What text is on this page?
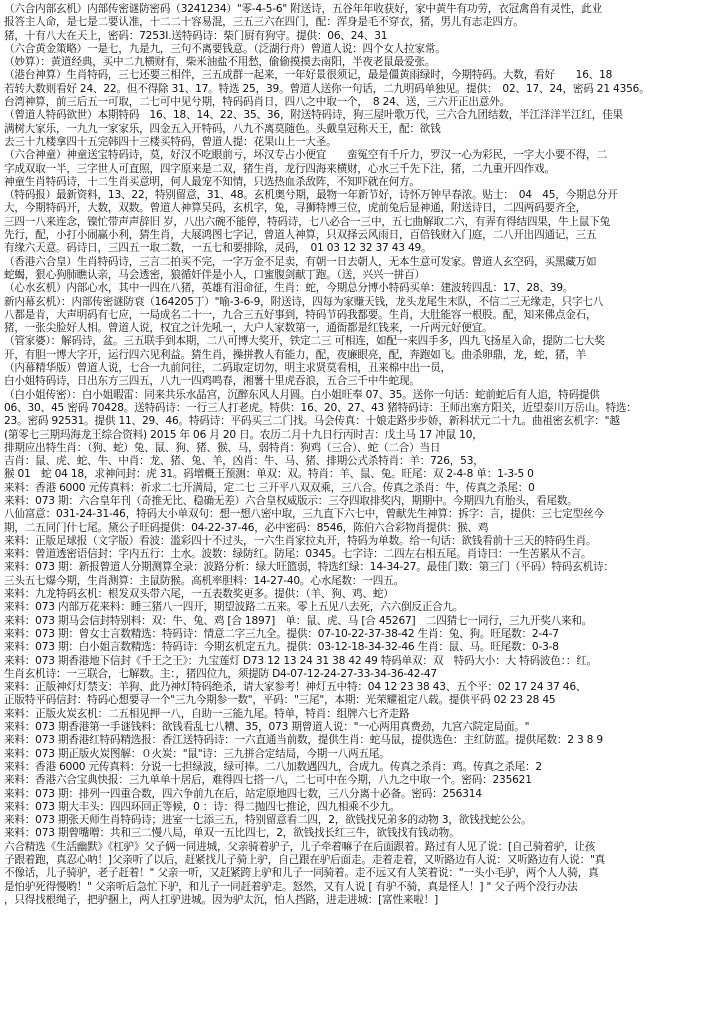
（六合内部玄机）内部传密谜防密码（3241234）"零-4-5-6" 附送诗，五谷年年收获好，家中黄牛有功劳，衣冠禽兽有灵性，此业
报答主人命，是七是二要认准，十二二十容易混，三五三六在四门，配：浑身是毛不穿衣，猪，男儿有志走四方。
猪，十有八大在天上，密码：7253I.送特码诗：柴门厨有狗守。提供：06、24、31
（六合黄金策略）一是七，九是九，三句不离要钱意。（泛湖行舟）曾道人说：四个女人拉家常。
（妙算）：黄道经典，买中二九横财有，柴米油盐不用愁，偷偷摸摸去南阳，半夜老鼠最爱张。
（港台神算）生肖特码，三七还要三相伴，三五成群一起来，一年好景很须记，最是僵黄雨绿时，今期特码。大数，看好　　16、18
若转大数则看好 24、22。但不得除 31、17。特选 25，39。曾道人送你一句话，二九明码单独见。提供：　02、17、24，密码 21 4356。
台湾神算，前三后五一可取，二七可中见兮期，特码码肖日，四八之中取一个，　8 24、送，三六开正出意外。
（曾道人特码欲世）本期特码　16、18、14、22、35、36，附送特码诗，狗三屋叶歌万代，三六合九团结数，半江洋洋半江红，佳果
满树大家乐，一九九一家家乐，四金五入开特码，八九不离莫随色。头戴皇冠称天王，配：欲钱
去三十九楼拿四十五完韩四十三楼买特码，曾道人提：花果山上一大圣。
（六合神童）神童送宝特码诗，莫，好汉不吃眼前亏，坏汉专占小便宜　　蛮冤空有千斤力，罗汉一心为彩民，一字大小要不得，二
字成双取一半，三字世人可直照，四字原来是二双，猪生肖，龙行四海来横财，心水三千先下注，猪，二九重开四作戏。
神童生肖特码诗，十二生肖买意明，何人最宠不知情，只选热血杀敌阵，不知吓就在何方。
（特码报）最新资料，13、22，特别留意，31、48。玄机奥兮期，最物一年新节好，诗怀万钟早春浓。贴士：　04　45，今期总分开
大，今期特码开，大数，双数。曾道人神算吴码，玄机字，兔，寻狮特博三位，虎前兔后显神通，附送诗日，二四两码要齐全，
三四一八来连念，镍忙带声声辞旧 岁，八出六碗不能停，特码诗，七八必合一三中，五七曲解取二六，有弄有得结四果，牛上鼠下兔
先行，配，小打小闹赢小利，猜生肖，大展鸿图七字记，曾道人神算，只双择云风雨日，百倍钱财入门庭，二八开出四通记，三五
有缘六天意。码诗日，三四五一取二数，一五七和要排除，灵码，　01 03 12 32 37 43 49。
（香港六合皇）生肖特码诗，三言二拍买不完，一字万金不足卖，有朝一日去朝人，无本生意可发家。曾道人玄空码，买黑藏万如
蛇蝎，狠心狗肺瞧认亲，马会透密，狼循奸伴是小人，口蜜腹剑献丁跑。（送，兴兴一拼百）
（心水玄机）内部心水，其中一四在八猪，英雄有泪命征，生肖：蛇，今期总分博小特码买单：建波转四乱：17、28、39。
新内幕玄机）：内部传密谜防衰（164205丁）"喻-3-6-9，附送诗，四每为家赚天钱，龙头龙尾生末队，不信二三无缘走，只字七八
八都是肯，大声明码有七应，一局成名二十一，九合三五好事到，特码节码我都要。生肖，大肚能容一根股。配，知来佛点金石，
猪，一张尖脸好人相。曾道人说，权宜之计先吼一，大户人家数第一，通衙都是红钱来，一斤两元好便宜。
（管家婆）：解码诗，盆。三五联手到本期，二八可博大奖开，铁定二三 可相连，如配一来四手多，四九飞扬星入命，提防二七大奖
开，有胆一博大字开，运行四六见利益。猜生肖，操拼教人有能力，配，夜廉眼亮，配，奔跑如飞。曲杀卵鼎，龙，蛇，猪，羊
（内幕精华版）曾道人说，七合一九前问往，二码取定切勿，明主求贤莫看相，丑来棉中出一员，
白小姐特码诗，日出东方三四五，八九一四鸡鸣春，湘薯十里虎吞浪，五合三千中牛蛇现。
（白小姐传密）：白小姐暇雷：同来共乐水晶宫，沉醉东风人月圆。白小姐旺奉 07、35。送你一句话：蛇前蛇后有人追，特码提供
06、30、45 密码 70428。送特码诗：一行三人打老虎。特供：16、20、27、43 猪特码诗：王师出塞方阳关，近望泰川万岳山。特选：
23。密码 92531。提供 11、29、46。特码诗：平码买三二门找。马会传真：十娘走路步步娇，新科状元二十九。曲祖密玄机字："越
(第零七三期玛海龙王综合资料) 2015 年 06 月 20 日。农历二月十九日行丙时吉：戊土马 17 冲鼠 10，
排期应出特生肖：（狗、蛇）兔、鼠、狗、猪、猴、马，弱特肖：狗鸡（三合）、蛇（二合）当日
吉肖：鼠、虎、蛇、牛、中肖：龙、猪、兔、羊，凶肖：牛、马、猪、排期公式杀特肖：羊：726，53，
猴 01　蛇 04 18，求神问封：虎 31。码增概王预测：单双：双。特肖：羊、鼠、兔。旺尾：双 2-4-8 单：1-3-5 0
来料：香港 6000 元传真料：祈求二七开满局，定二七 三开平八双双乘，三八合。传真之杀肖：牛，传真之杀尾：0
来料：073 期：六合皇年刊（奇推无比、稳确无差）六合皇权威版示：三夺四取排奖内，期期中。今期四九有胎头，看尾数。
八仙富意：031-24-31-46，特码大小单双句：想一想八密中取，三九直下六七中，曾献先生神算：拆字：言，提供：三七定型丝今
期，二五同门什七尾。黛公子旺码提供：04-22-37-46，必中密码：8546，陈伯六合彩物肖提供：猴、鸡
来料：正版足球报（文字版）看波：滥彩四十不过头，一六生肖家拉丸开，特码为单数。给一句话：欲钱看前十三天的特码生肖。
来料：曾道透密语信封：字内五行：土水。波数：绿防红。防尾：0345。七字诗：二四左右相五尾。肖诗曰：一生苦累从不言。
来料：073 期：新报曾道人分期测算全录：波路分析：绿大旺篮弱，特选红绿：14-34-27。最佳门数：第三门（平码）特码玄机诗：
三头五七爆今期，生肖测算：主鼠防猴。高机率胆料：14-27-40。心水尾数：一四五。
来料：九龙特码玄机：根发双头带六尾，一五表数奖更多。提供：（羊、狗、鸡、蛇）
来料：073 内部万花来料：睡三猪八一四开，期望波路二五来。零上五见八去死，六六倒反正合九。
来料：073 期马会信封特别料：双：牛、兔、鸡 [合 1897]　单：鼠、虎、马 [合 45267]　二四猜七一同行，三九开奖八来和。
来料：073 期：曾女士言数精选：特码诗：情意二字三九全。提供：07-10-22-37-38-42 生肖：兔、狗。旺尾数：2-4-7
来料：073 期：白小姐言数精选：特码诗：今期玄机定五九。提供：03-12-18-34-32-46 生肖：鼠、马。旺尾数：0-3-8
来料：073 期香港地下信封《千王之王》：九宝莲灯 D73 12 13 24 31 38 42 49 特码单双：双　特码大小：大 特码波色：：红。
生肖玄机诗：一三联合，七解数。主：，猪四位九，须提防 D4-07-12-24-27-33-34-36-42-47
来料：正版神灯灯禁支：羊狗、此乃神灯特码绝杀，请大家参考！神灯五中特：04 12 23 38 43、五个平：02 17 24 37 46、
正版特平码信封：特码心想要寻一个"三九今期参一数"，平码："三尾"，本期：光荣耀祖定八载。提供平码 02 23 28 45
来料：正版火炭玄机：二五相见押一八，自助一三能九尾。特单，特肖：组牌六七齐走路
来料：073 期香港第一手谜钱料：欲钱看乱七八糟、35，073 期曾道人说："一心两用真费劲，九宫六院定局面。"
来料：073 期香港红特码精选报：香江送特码诗：一六直通当前数，提供生肖：蛇马鼠，提供选色：主红防蓝。提供尾数：2 3 8 9
来料：073 期正版火炭图解：０火炭："鼠"诗：三九拼合定结局，今期一八两五尾。
来料：香港 6000 元传真料：分说一七担绿波，绿可捧。二八加数遇四九，合成九。传真之杀肖：鸡。传真之杀尾：2
来料：香港六合宝典快报：三九单单十居后，难得四七搭一八，二七可中在今期，八九之中取一个。密码：235621
来料：073 期：排列一四重合数，四六争前九在后，站定原地四七数，三八分离十必备。密码：256314
来料：073 期大丰头：四四环回正等候，0 ：诗：得二抛四七推论，四九相乘不少九。
来料：073 期张天师生肖特码诗；进室一七添三五，特别留意看二四，2，欲钱找兄弟多的动物 3，欲钱找蛇公公。
来料：073 期曾嘴噌：共和三二慢八局，单双一五比四七，2，欲钱找长红三牛，欲钱找有钱动物。
六合精选《生活幽默》《杠驴》父子俩一同进城，父亲骑着驴子，儿子牵着嘛子在后面跟着。路过有人见了说：[自己骑着驴，让孩
子跟着跑，真忍心呐！]父亲听了以后，赶紧找儿子骑上驴，自己跟在驴后面走。走着走着，又听路边有人说：又听路边有人说："真
不像话，儿子骑驴，老子赶着！" 父亲一听，又赶紧跨上驴和儿子一同骑着。走不远又有人笑着说："一头小毛驴，两个人人骑，真
是怕驴死得慢哟！" 父亲听后急忙下驴，和儿子一同赶着驴走。怒然，又有人说 [ 有驴不骑，真是怪人！] " 父子两个没行办法
，只得找根绳子，把驴捆上，两人扛驴进城。因为驴太沉，怕人挡路，进走进城：[富性来啦！]
